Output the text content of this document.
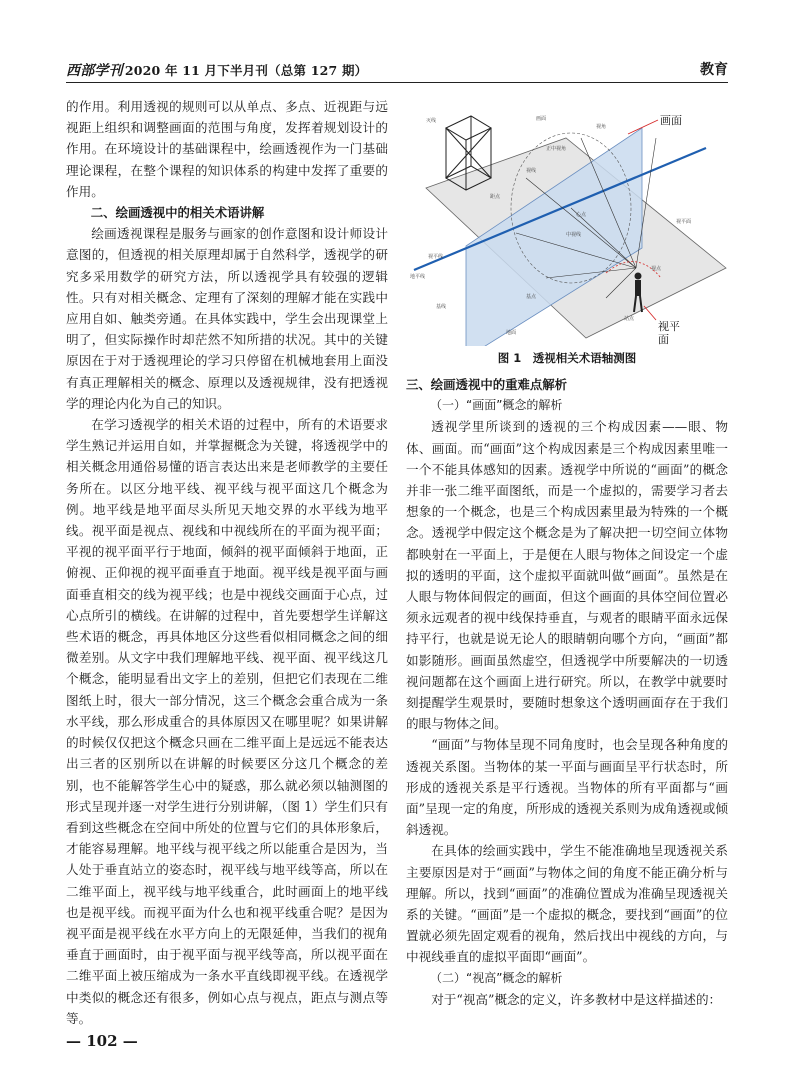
西部学刊 2020 年 11 月下半月刊（总第 127 期）	教育

的作用。利用透视的规则可以从单点、多点、近视距与远视距上组织和调整画面的范围与角度，发挥着规划设计的作用。在环境设计的基础课程中，绘画透视作为一门基础理论课程，在整个课程的知识体系的构建中发挥了重要的作用。

二、绘画透视中的相关术语讲解

绘画透视课程是服务与画家的创作意图和设计师设计意图的，但透视的相关原理却属于自然科学，透视学的研究多采用数学的研究方法，所以透视学具有较强的逻辑性。只有对相关概念、定理有了深刻的理解才能在实践中应用自如、触类旁通。在具体实践中，学生会出现课堂上明了，但实际操作时却茫然不知所措的状况。其中的关键原因在于对于透视理论的学习只停留在机械地套用上面没有真正理解相关的概念、原理以及透视规律，没有把透视学的理论内化为自己的知识。

在学习透视学的相关术语的过程中，所有的术语要求学生熟记并运用自如，并掌握概念为关键，将透视学中的相关概念用通俗易懂的语言表达出来是老师教学的主要任务所在。以区分地平线、视平线与视平面这几个概念为例。地平线是地平面尽头所见天地交界的水平线为地平线。视平面是视点、视线和中视线所在的平面为视平面；平视的视平面平行于地面，倾斜的视平面倾斜于地面，正俯视、正仰视的视平面垂直于地面。视平线是视平面与画面垂直相交的线为视平线；也是中视线交画面于心点，过心点所引的横线。在讲解的过程中，首先要想学生详解这些术语的概念，再具体地区分这些看似相同概念之间的细微差别。从文字中我们理解地平线、视平面、视平线这几个概念，能明显看出文字上的差别，但把它们表现在二维图纸上时，很大一部分情况，这三个概念会重合成为一条水平线，那么形成重合的具体原因又在哪里呢？如果讲解的时候仅仅把这个概念只画在二维平面上是远远不能表达出三者的区别所以在讲解的时候要区分这几个概念的差别，也不能解答学生心中的疑惑，那么就必须以轴测图的形式呈现并逐一对学生进行分别讲解，（图 1）学生们只有看到这些概念在空间中所处的位置与它们的具体形象后，才能容易理解。地平线与视平线之所以能重合是因为，当人处于垂直站立的姿态时，视平线与地平线等高，所以在二维平面上，视平线与地平线重合，此时画面上的地平线也是视平线。而视平面为什么也和视平线重合呢？是因为视平面是视平线在水平方向上的无限延伸，当我们的视角垂直于画面时，由于视平面与视平线等高，所以视平面在二维平面上被压缩成为一条水平直线即视平线。在透视学中类似的概念还有很多，例如心点与视点，距点与测点等等。

灭线
视角
正中视角
视线
距点
心点
视平线
中视线
视点
地平线
基线
视平面
画面
地面
站点
基点
画面
视平
面
图 1　透视相关术语轴测图

三、绘画透视中的重难点解析

（一）“画面”概念的解析

透视学里所谈到的透视的三个构成因素——眼、物体、画面。而“画面”这个构成因素是三个构成因素里唯一一个不能具体感知的因素。透视学中所说的“画面”的概念并非一张二维平面图纸，而是一个虚拟的，需要学习者去想象的一个概念，也是三个构成因素里最为特殊的一个概念。透视学中假定这个概念是为了解决把一切空间立体物都映射在一平面上，于是便在人眼与物体之间设定一个虚拟的透明的平面，这个虚拟平面就叫做“画面”。虽然是在人眼与物体间假定的画面，但这个画面的具体空间位置必须永远观者的视中线保持垂直，与观者的眼睛平面永远保持平行，也就是说无论人的眼睛朝向哪个方向，“画面”都如影随形。画面虽然虚空，但透视学中所要解决的一切透视问题都在这个画面上进行研究。所以，在教学中就要时刻提醒学生观景时，要随时想象这个透明画面存在于我们的眼与物体之间。

“画面”与物体呈现不同角度时，也会呈现各种角度的透视关系图。当物体的某一平面与画面呈平行状态时，所形成的透视关系是平行透视。当物体的所有平面都与“画面”呈现一定的角度，所形成的透视关系则为成角透视或倾斜透视。

在具体的绘画实践中，学生不能准确地呈现透视关系主要原因是对于“画面”与物体之间的角度不能正确分析与理解。所以，找到“画面”的准确位置成为准确呈现透视关系的关键。“画面”是一个虚拟的概念，要找到“画面”的位置就必须先固定观看的视角，然后找出中视线的方向，与中视线垂直的虚拟平面即“画面”。

（二）“视高”概念的解析

对于“视高”概念的定义，许多教材中是这样描述的：

— 102 —
